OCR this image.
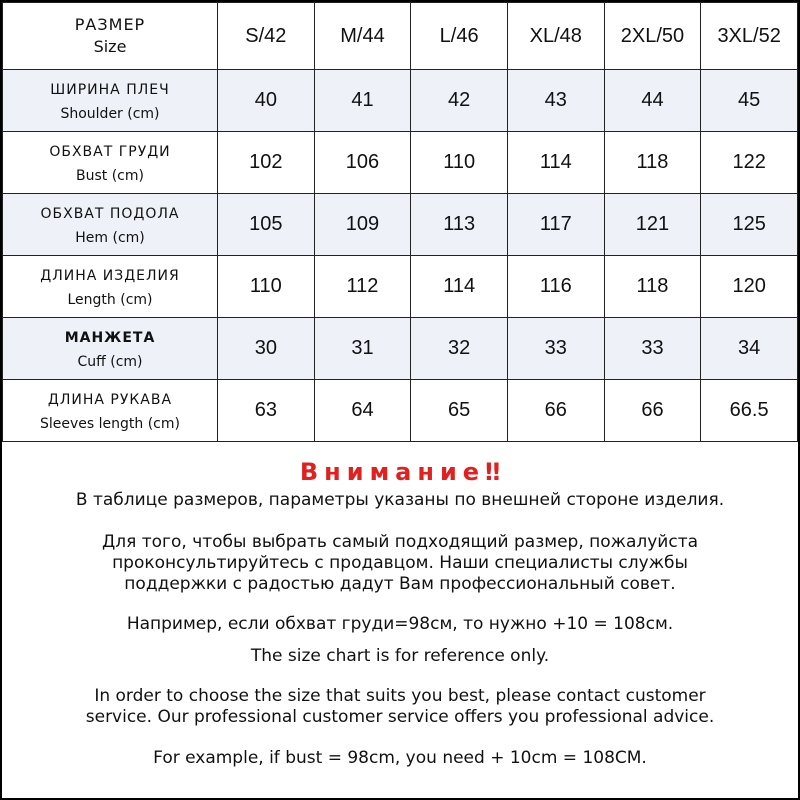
РАЗМЕР
Size	S/42	M/44	L/46	XL/48	2XL/50	3XL/52

ШИРИНА ПЛЕЧ
Shoulder (cm)	40	41	42	43	44	45

ОБХВАТ ГРУДИ
Bust (cm)	102	106	110	114	118	122

ОБХВАТ ПОДОЛА
Hem (cm)	105	109	113	117	121	125

ДЛИНА ИЗДЕЛИЯ
Length (cm)	110	112	114	116	118	120

МАНЖЕТА
Cuff (cm)	30	31	32	33	33	34

ДЛИНА РУКАВА
Sleeves length (cm)	63	64	65	66	66	66.5

Внимание‼

В таблице размеров, параметры указаны по внешней стороне изделия.

Для того, чтобы выбрать самый подходящий размер, пожалуйста

проконсультируйтесь с продавцом. Наши специалисты службы

поддержки с радостью дадут Вам профессиональный совет.

Например, если обхват груди=98см, то нужно +10 = 108см.

The size chart is for reference only.

In order to choose the size that suits you best, please contact customer

service. Our professional customer service offers you professional advice.

For example, if bust = 98cm, you need + 10cm = 108CM.
